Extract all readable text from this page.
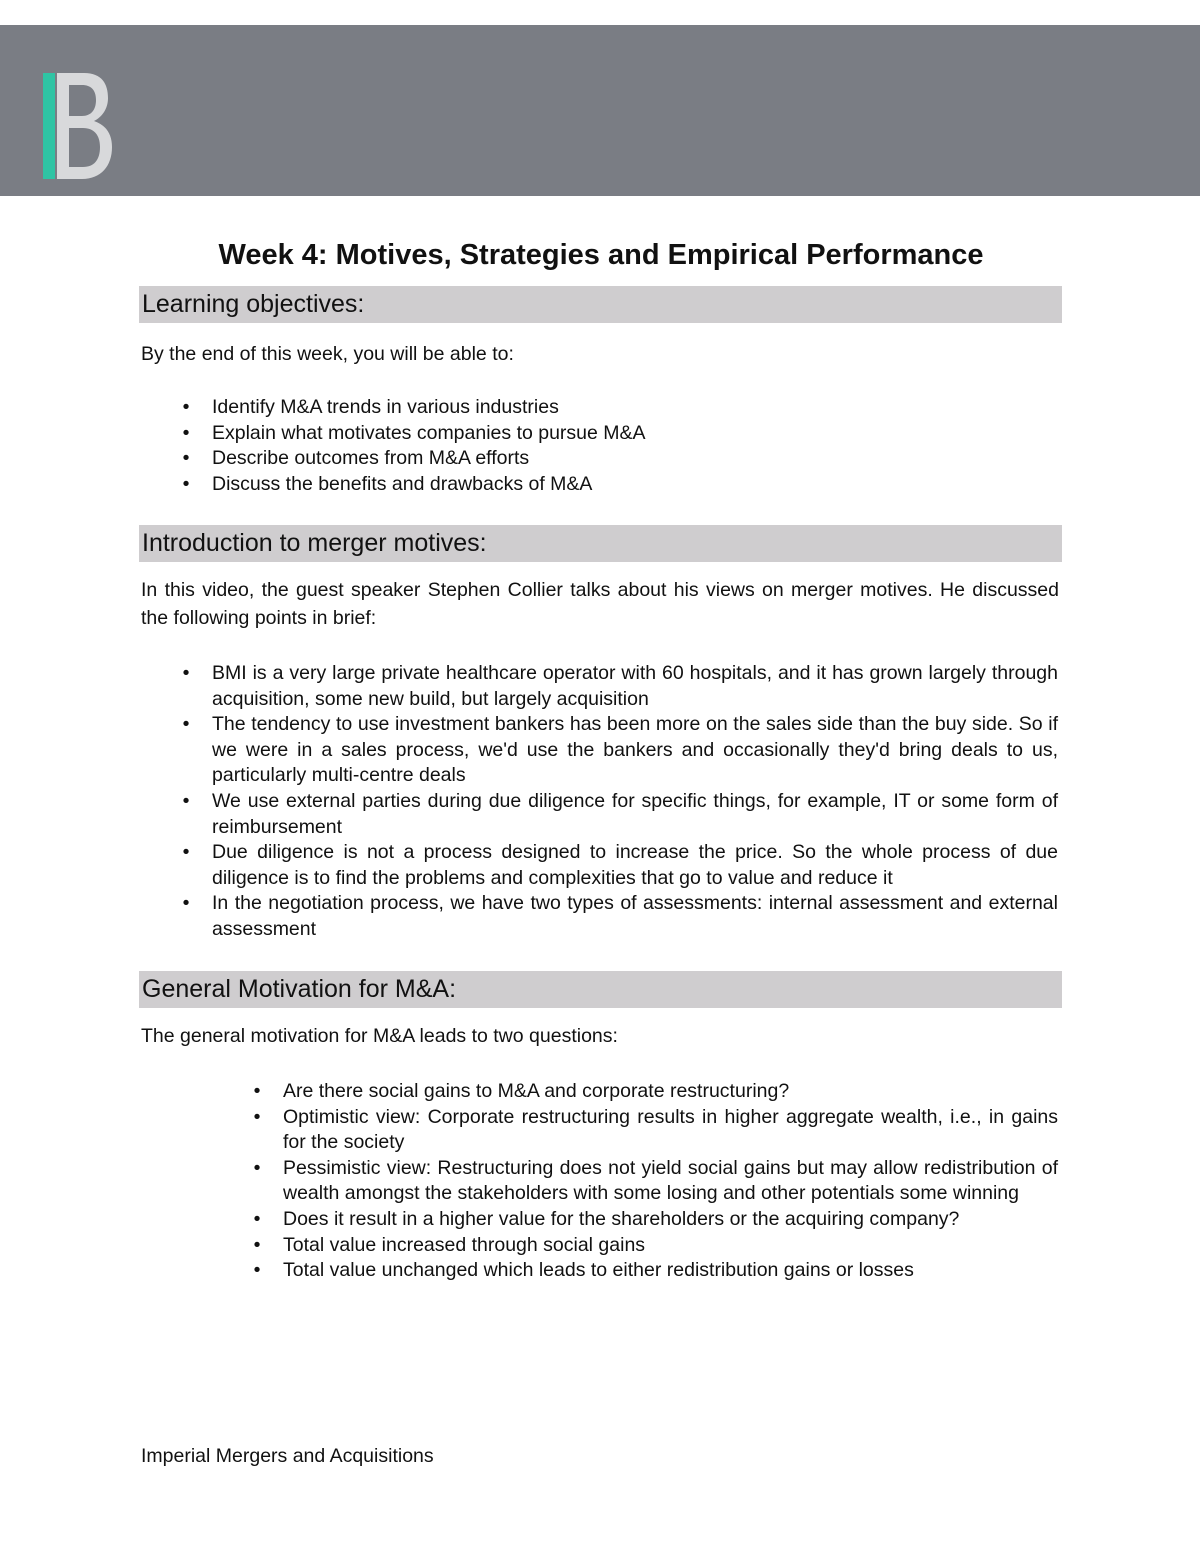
Week 4: Motives, Strategies and Empirical Performance
Learning objectives:

By the end of this week, you will be able to:

•	Identify M&A trends in various industries
•	Explain what motivates companies to pursue M&A
•	Describe outcomes from M&A efforts
•	Discuss the benefits and drawbacks of M&A
Introduction to merger motives:

In this video, the guest speaker Stephen Collier talks about his views on merger motives. He discussed the following points in brief:

•	BMI is a very large private healthcare operator with 60 hospitals, and it has grown largely through acquisition, some new build, but largely acquisition
•	The tendency to use investment bankers has been more on the sales side than the buy side. So if we were in a sales process, we'd use the bankers and occasionally they'd bring deals to us, particularly multi-centre deals
•	We use external parties during due diligence for specific things, for example, IT or some form of reimbursement
•	Due diligence is not a process designed to increase the price. So the whole process of due diligence is to find the problems and complexities that go to value and reduce it
•	In the negotiation process, we have two types of assessments: internal assessment and external assessment
General Motivation for M&A:

The general motivation for M&A leads to two questions:

•	Are there social gains to M&A and corporate restructuring?
•	Optimistic view: Corporate restructuring results in higher aggregate wealth, i.e., in gains for the society
•	Pessimistic view: Restructuring does not yield social gains but may allow redistribution of wealth amongst the stakeholders with some losing and other potentials some winning
•	Does it result in a higher value for the shareholders or the acquiring company?
•	Total value increased through social gains
•	Total value unchanged which leads to either redistribution gains or losses
Imperial Mergers and Acquisitions
